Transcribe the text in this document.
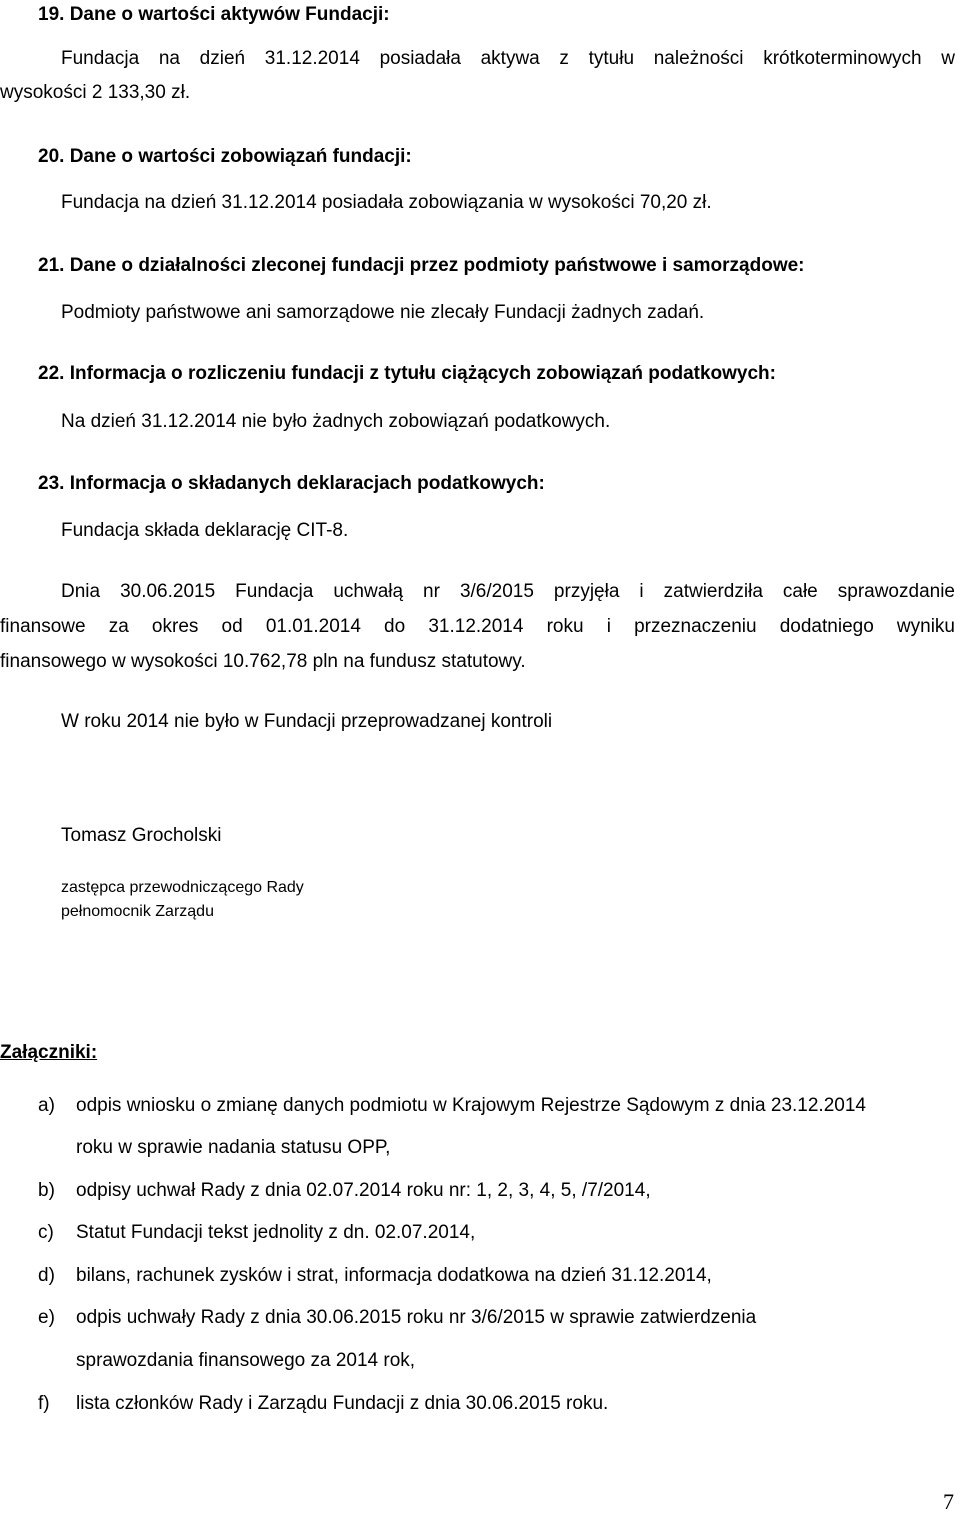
19. Dane o wartości aktywów Fundacji:
Fundacja na dzień 31.12.2014 posiadała aktywa z tytułu należności krótkoterminowych w
wysokości 2 133,30 zł.
20. Dane o wartości zobowiązań fundacji:
Fundacja na dzień 31.12.2014 posiadała zobowiązania w wysokości 70,20 zł.
21. Dane o działalności zleconej fundacji przez podmioty państwowe i samorządowe:
Podmioty państwowe ani samorządowe nie zlecały Fundacji żadnych zadań.
22. Informacja o rozliczeniu fundacji z tytułu ciążących zobowiązań podatkowych:
Na dzień 31.12.2014 nie było żadnych zobowiązań podatkowych.
23. Informacja o składanych deklaracjach podatkowych:
Fundacja składa deklarację CIT-8.
Dnia 30.06.2015 Fundacja uchwałą nr 3/6/2015 przyjęła i zatwierdziła całe sprawozdanie
finansowe za okres od 01.01.2014 do 31.12.2014 roku i przeznaczeniu dodatniego wyniku
finansowego w wysokości 10.762,78 pln na fundusz statutowy.
W roku 2014 nie było w Fundacji przeprowadzanej kontroli
Tomasz Grocholski
zastępca przewodniczącego Rady
pełnomocnik Zarządu
Załączniki:
a) odpis wniosku o zmianę danych podmiotu w Krajowym Rejestrze Sądowym z dnia 23.12.2014
roku w sprawie nadania statusu OPP,
b) odpisy uchwał Rady z dnia 02.07.2014 roku nr: 1, 2, 3, 4, 5, /7/2014,
c) Statut Fundacji tekst jednolity z dn. 02.07.2014,
d) bilans, rachunek zysków i strat, informacja dodatkowa na dzień 31.12.2014,
e) odpis uchwały Rady z dnia 30.06.2015 roku nr 3/6/2015 w sprawie zatwierdzenia
sprawozdania finansowego za 2014 rok,
f) lista członków Rady i Zarządu Fundacji z dnia 30.06.2015 roku.
7
